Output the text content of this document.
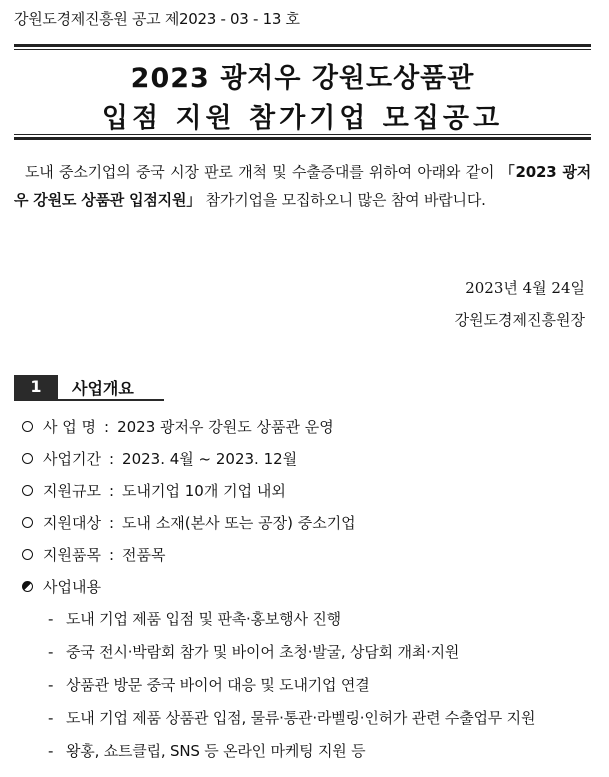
강원도경제진흥원 공고 제2023 - 03 - 13 호
2023 광저우 강원도상품관
입점 지원 참가기업 모집공고
도내 중소기업의 중국 시장 판로 개척 및 수출증대를 위하여 아래와 같이 「2023 광저우 강원도 상품관 입점지원」 참가기업을 모집하오니 많은 참여 바랍니다.
2023년 4월 24일
강원도경제진흥원장
1	사업개요
사 업 명 : 2023 광저우 강원도 상품관 운영
사업기간 : 2023. 4월 ~ 2023. 12월
지원규모 : 도내기업 10개 기업 내외
지원대상 : 도내 소재(본사 또는 공장) 중소기업
지원품목 : 전품목
사업내용
- 도내 기업 제품 입점 및 판촉·홍보행사 진행
- 중국 전시·박람회 참가 및 바이어 초청·발굴, 상담회 개최·지원
- 상품관 방문 중국 바이어 대응 및 도내기업 연결
- 도내 기업 제품 상품관 입점, 물류·통관·라벨링·인허가 관련 수출업무 지원
- 왕홍, 쇼트클립, SNS 등 온라인 마케팅 지원 등
